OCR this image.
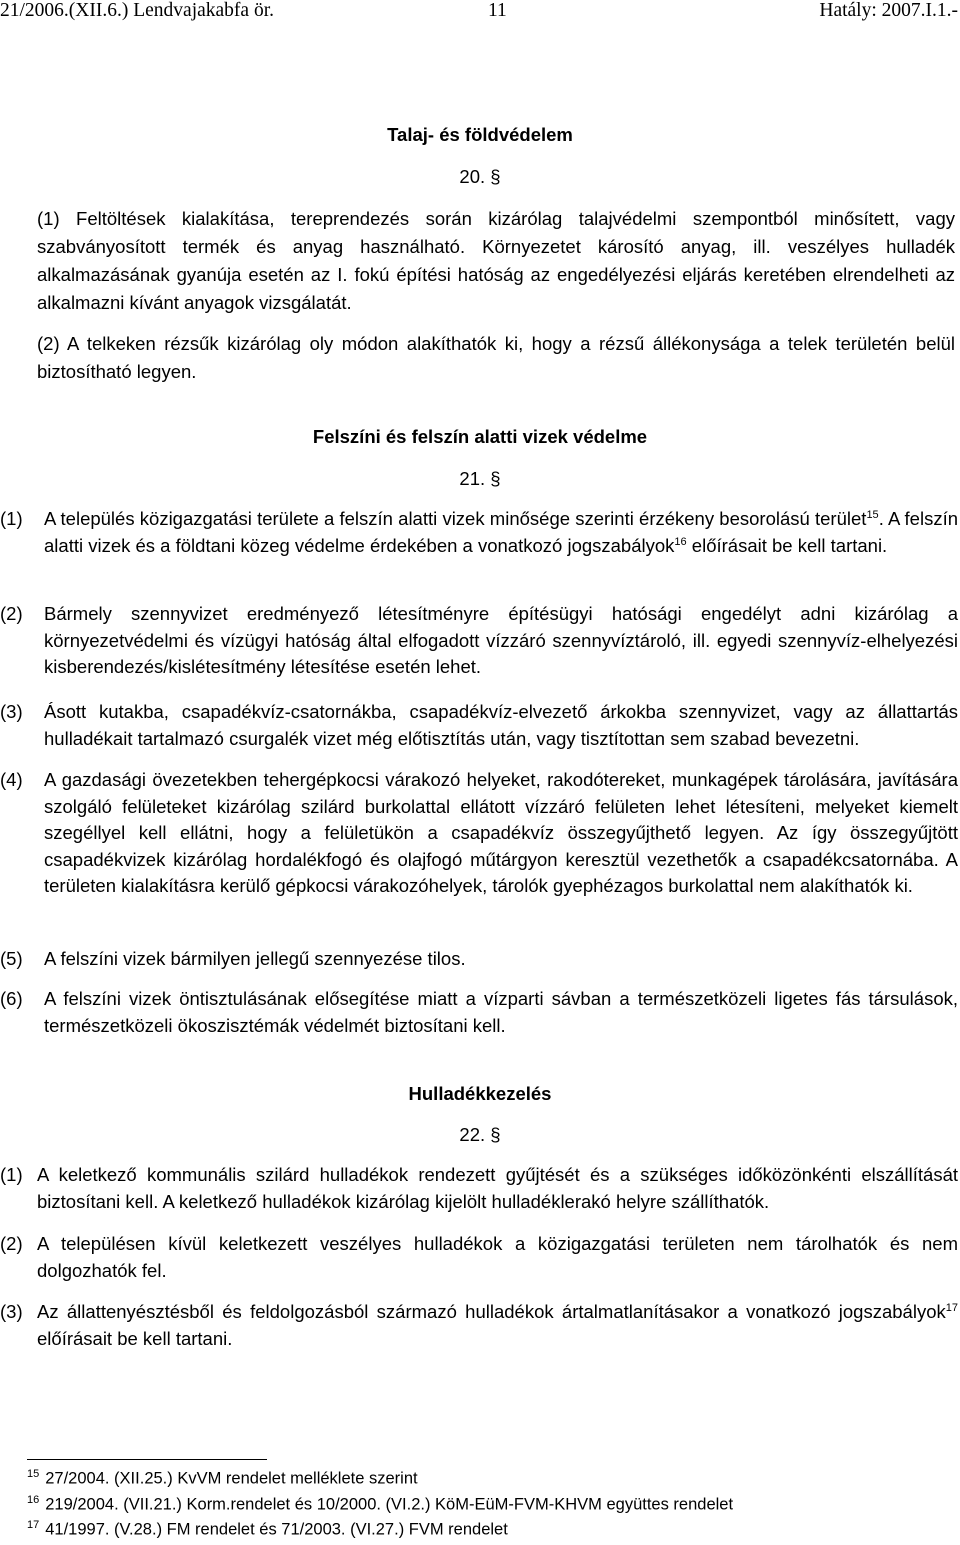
21/2006.(XII.6.) Lendvajakabfa ör.	11	Hatály: 2007.I.1.-
Talaj- és földvédelem
20. §
(1) Feltöltések kialakítása, tereprendezés során kizárólag talajvédelmi szempontból minősített, vagy szabványosított termék és anyag használható. Környezetet károsító anyag, ill. veszélyes hulladék alkalmazásának gyanúja esetén az I. fokú építési hatóság az engedélyezési eljárás keretében elrendelheti az alkalmazni kívánt anyagok vizsgálatát.
(2) A telkeken rézsűk kizárólag oly módon alakíthatók ki, hogy a rézsű állékonysága a telek területén belül biztosítható legyen.
Felszíni és felszín alatti vizek védelme
21. §
(1) A település közigazgatási területe a felszín alatti vizek minősége szerinti érzékeny besorolású terület$^{15}$. A felszín alatti vizek és a földtani közeg védelme érdekében a vonatkozó jogszabályok$^{16}$ előírásait be kell tartani.
(2) Bármely szennyvizet eredményező létesítményre építésügyi hatósági engedélyt adni kizárólag a környezetvédelmi és vízügyi hatóság által elfogadott vízzáró szennyvíztároló, ill. egyedi szennyvíz-elhelyezési kisberendezés/kislétesítmény létesítése esetén lehet.
(3) Ásott kutakba, csapadékvíz-csatornákba, csapadékvíz-elvezető árkokba szennyvizet, vagy az állattartás hulladékait tartalmazó csurgalék vizet még előtisztítás után, vagy tisztítottan sem szabad bevezetni.
(4) A gazdasági övezetekben tehergépkocsi várakozó helyeket, rakodótereket, munkagépek tárolására, javítására szolgáló felületeket kizárólag szilárd burkolattal ellátott vízzáró felületen lehet létesíteni, melyeket kiemelt szegéllyel kell ellátni, hogy a felületükön a csapadékvíz összegyűjthető legyen. Az így összegyűjtött csapadékvizek kizárólag hordalékfogó és olajfogó műtárgyon keresztül vezethetők a csapadékcsatornába. A területen kialakításra kerülő gépkocsi várakozóhelyek, tárolók gyephézagos burkolattal nem alakíthatók ki.
(5) A felszíni vizek bármilyen jellegű szennyezése tilos.
(6) A felszíni vizek öntisztulásának elősegítése miatt a vízparti sávban a természetközeli ligetes fás társulások, természetközeli ökoszisztémák védelmét biztosítani kell.
Hulladékkezelés
22. §
(1) A keletkező kommunális szilárd hulladékok rendezett gyűjtését és a szükséges időközönkénti elszállítását biztosítani kell. A keletkező hulladékok kizárólag kijelölt hulladéklerakó helyre szállíthatók.
(2) A településen kívül keletkezett veszélyes hulladékok a közigazgatási területen nem tárolhatók és nem dolgozhatók fel.
(3) Az állattenyésztésből és feldolgozásból származó hulladékok ártalmatlanításakor a vonatkozó jogszabályok$^{17}$ előírásait be kell tartani.
$^{15}$ 27/2004. (XII.25.) KvVM rendelet melléklete szerint
$^{16}$ 219/2004. (VII.21.) Korm.rendelet és 10/2000. (VI.2.) KöM-EüM-FVM-KHVM együttes rendelet
$^{17}$ 41/1997. (V.28.) FM rendelet és 71/2003. (VI.27.) FVM rendelet
